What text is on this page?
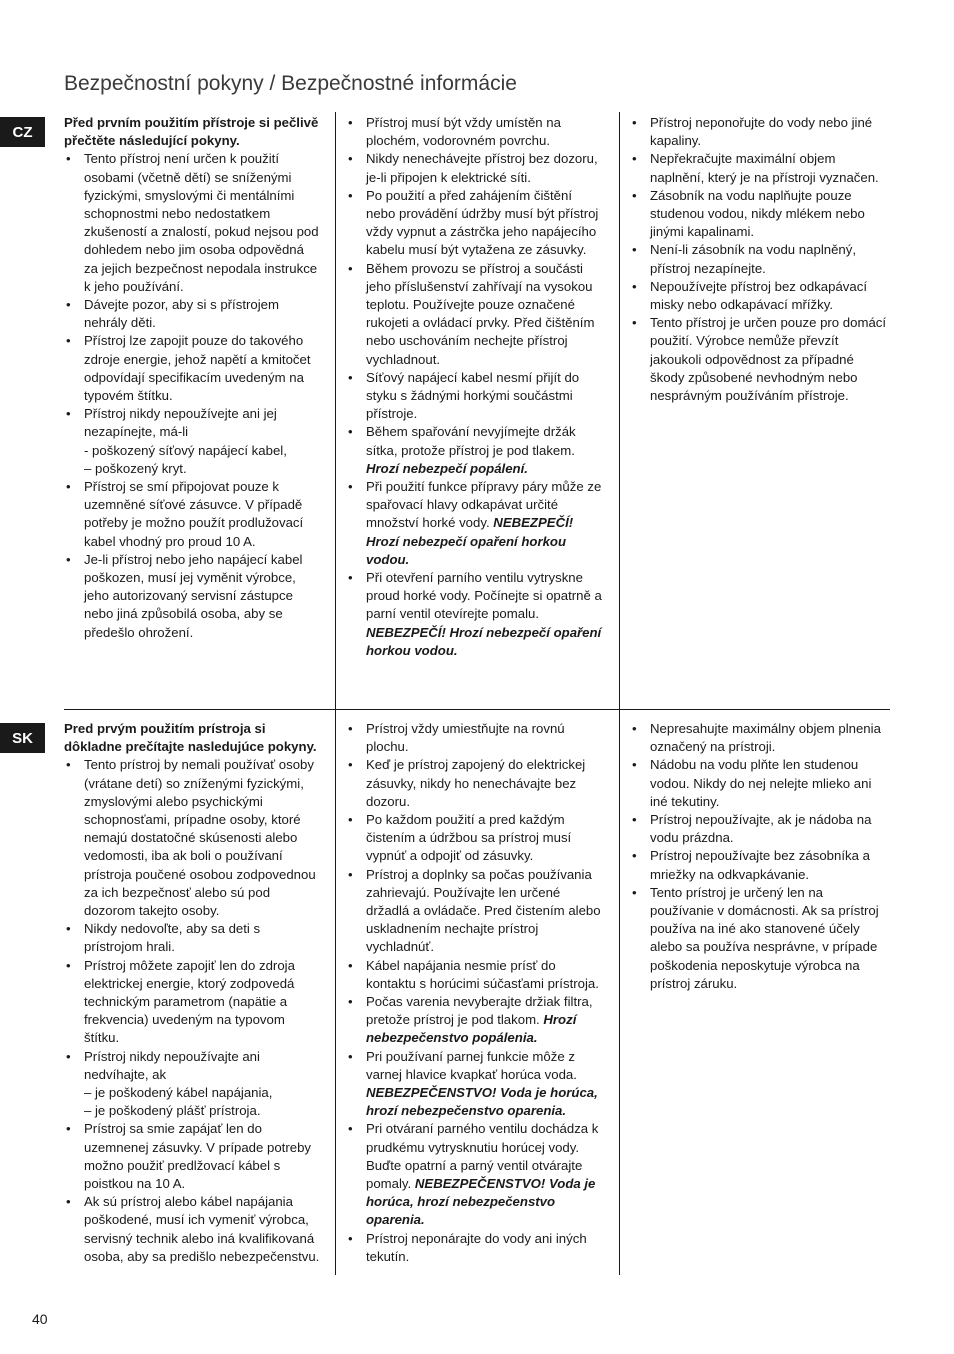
Bezpečnostní pokyny / Bezpečnostné informácie
CZ

Před prvním použitím přístroje si pečlivě přečtěte následující pokyny.

• Tento přístroj není určen k použití osobami (včetně dětí) se sníženými fyzickými, smyslovými či mentálními schopnostmi nebo nedostatkem zkušeností a znalostí, pokud nejsou pod dohledem nebo jim osoba odpovědná za jejich bezpečnost nepodala instrukce k jeho používání.
• Dávejte pozor, aby si s přístrojem nehrály děti.
• Přístroj lze zapojit pouze do takového zdroje energie, jehož napětí a kmitočet odpovídají specifikacím uvedeným na typovém štítku.
• Přístroj nikdy nepoužívejte ani jej nezapínejte, má-li
- poškozený síťový napájecí kabel,
– poškozený kryt.
• Přístroj se smí připojovat pouze k uzemněné síťové zásuvce. V případě potřeby je možno použít prodlužovací kabel vhodný pro proud 10 A.
• Je-li přístroj nebo jeho napájecí kabel poškozen, musí jej vyměnit výrobce, jeho autorizovaný servisní zástupce nebo jiná způsobilá osoba, aby se předešlo ohrožení.
• Přístroj musí být vždy umístěn na plochém, vodorovném povrchu.
• Nikdy nenechávejte přístroj bez dozoru, je-li připojen k elektrické síti.
• Po použití a před zahájením čištění nebo provádění údržby musí být přístroj vždy vypnut a zástrčka jeho napájecího kabelu musí být vytažena ze zásuvky.
• Během provozu se přístroj a součásti jeho příslušenství zahřívají na vysokou teplotu. Používejte pouze označené rukojeti a ovládací prvky. Před čištěním nebo uschováním nechejte přístroj vychladnout.
• Síťový napájecí kabel nesmí přijít do styku s žádnými horkými součástmi přístroje.
• Během spařování nevyjímejte držák sítka, protože přístroj je pod tlakem.
Hrozí nebezpečí popálení.
• Při použití funkce přípravy páry může ze spařovací hlavy odkapávat určité množství horké vody. NEBEZPEČÍ! Hrozí nebezpečí opaření horkou vodou.
• Při otevření parního ventilu vytryskne proud horké vody. Počínejte si opatrně a parní ventil otevírejte pomalu.
NEBEZPEČÍ! Hrozí nebezpečí opaření horkou vodou.
• Přístroj neponořujte do vody nebo jiné kapaliny.
• Nepřekračujte maximální objem naplnění, který je na přístroji vyznačen.
• Zásobník na vodu naplňujte pouze studenou vodou, nikdy mlékem nebo jinými kapalinami.
• Není-li zásobník na vodu naplněný, přístroj nezapínejte.
• Nepoužívejte přístroj bez odkapávací misky nebo odkapávací mřížky.
• Tento přístroj je určen pouze pro domácí použití. Výrobce nemůže převzít jakoukoli odpovědnost za případné škody způsobené nevhodným nebo nesprávným používáním přístroje.
SK

Pred prvým použitím prístroja si dôkladne prečítajte nasledujúce pokyny.

• Tento prístroj by nemali používať osoby (vrátane detí) so zníženými fyzickými, zmyslovými alebo psychickými schopnosťami, prípadne osoby, ktoré nemajú dostatočné skúsenosti alebo vedomosti, iba ak boli o používaní prístroja poučené osobou zodpovednou za ich bezpečnosť alebo sú pod dozorom takejto osoby.
• Nikdy nedovoľte, aby sa deti s prístrojom hrali.
• Prístroj môžete zapojiť len do zdroja elektrickej energie, ktorý zodpovedá technickým parametrom (napätie a frekvencia) uvedeným na typovom štítku.
• Prístroj nikdy nepoužívajte ani nedvíhajte, ak
– je poškodený kábel napájania,
– je poškodený plášť prístroja.
• Prístroj sa smie zapájať len do uzemnenej zásuvky. V prípade potreby možno použiť predlžovací kábel s poistkou na 10 A.
• Ak sú prístroj alebo kábel napájania poškodené, musí ich vymeniť výrobca, servisný technik alebo iná kvalifikovaná osoba, aby sa predišlo nebezpečenstvu.
• Prístroj vždy umiestňujte na rovnú plochu.
• Keď je prístroj zapojený do elektrickej zásuvky, nikdy ho nenechávajte bez dozoru.
• Po každom použití a pred každým čistením a údržbou sa prístroj musí vypnúť a odpojiť od zásuvky.
• Prístroj a doplnky sa počas používania zahrievajú. Používajte len určené držadlá a ovládače. Pred čistením alebo uskladnením nechajte prístroj vychladnúť.
• Kábel napájania nesmie prísť do kontaktu s horúcimi súčasťami prístroja.
• Počas varenia nevyberajte držiak filtra, pretože prístroj je pod tlakom. Hrozí nebezpečenstvo popálenia.
• Pri používaní parnej funkcie môže z varnej hlavice kvapkať horúca voda.
NEBEZPEČENSTVO! Voda je horúca, hrozí nebezpečenstvo oparenia.
• Pri otváraní parného ventilu dochádza k prudkému vytrysknutiu horúcej vody. Buďte opatrní a parný ventil otvárajte pomaly. NEBEZPEČENSTVO! Voda je horúca, hrozí nebezpečenstvo oparenia.
• Prístroj neponárajte do vody ani iných tekutín.
• Nepresahujte maximálny objem plnenia označený na prístroji.
• Nádobu na vodu plňte len studenou vodou. Nikdy do nej nelejte mlieko ani iné tekutiny.
• Prístroj nepoužívajte, ak je nádoba na vodu prázdna.
• Prístroj nepoužívajte bez zásobníka a mriežky na odkvapkávanie.
• Tento prístroj je určený len na používanie v domácnosti. Ak sa prístroj používa na iné ako stanovené účely alebo sa používa nesprávne, v prípade poškodenia neposkytuje výrobca na prístroj záruku.
40
